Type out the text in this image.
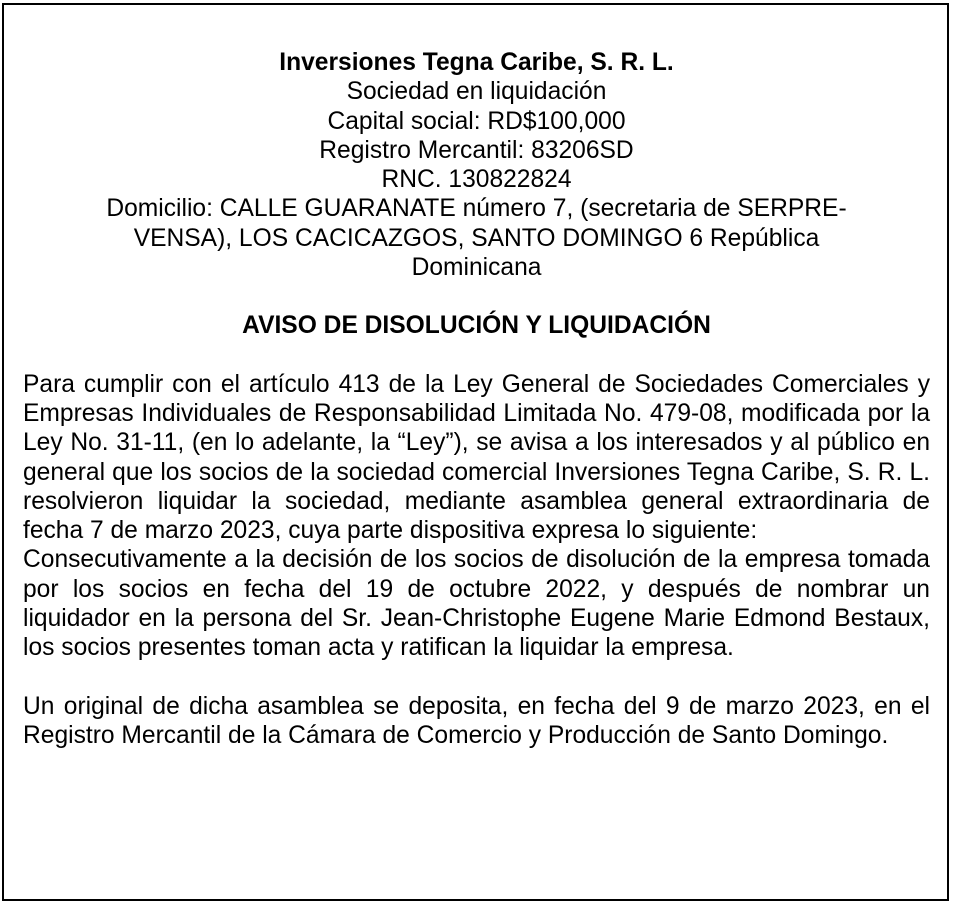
Inversiones Tegna Caribe, S. R. L.
Sociedad en liquidación
Capital social: RD$100,000
Registro Mercantil: 83206SD
RNC. 130822824
Domicilio: CALLE GUARANATE número 7, (secretaria de SERPRE-
VENSA), LOS CACICAZGOS, SANTO DOMINGO 6 República
Dominicana
AVISO DE DISOLUCIÓN Y LIQUIDACIÓN

Para cumplir con el artículo 413 de la Ley General de Sociedades Comerciales y Empresas Individuales de Responsabilidad Limitada No. 479-08, modificada por la Ley No. 31-11, (en lo adelante, la “Ley”), se avisa a los interesados y al público en general que los socios de la sociedad comercial Inversiones Tegna Caribe, S. R. L. resolvieron liquidar la sociedad, mediante asamblea general extraordinaria de fecha 7 de marzo 2023, cuya parte dispositiva expresa lo siguiente:

Consecutivamente a la decisión de los socios de disolución de la empresa tomada por los socios en fecha del 19 de octubre 2022, y después de nombrar un liquidador en la persona del Sr. Jean-Christophe Eugene Marie Edmond Bestaux, los socios presentes toman acta y ratifican la liquidar la empresa.

Un original de dicha asamblea se deposita, en fecha del 9 de marzo 2023, en el Registro Mercantil de la Cámara de Comercio y Producción de Santo Domingo.
